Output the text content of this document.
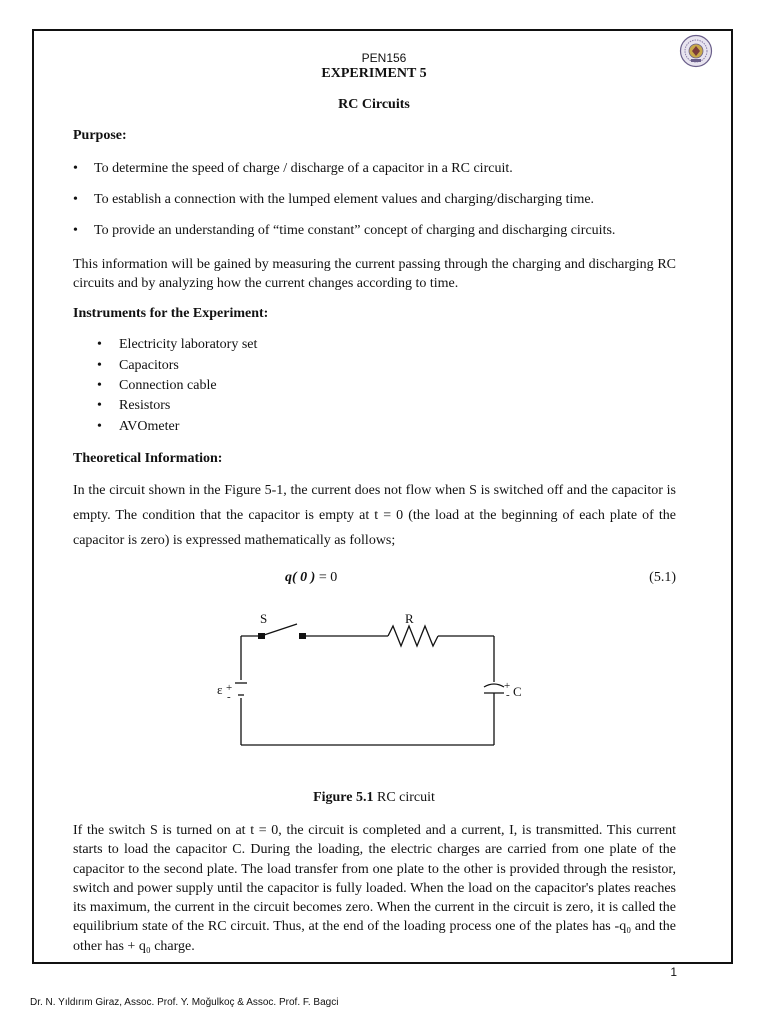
PEN156
EXPERIMENT 5
RC Circuits
Purpose:
• To determine the speed of charge / discharge of a capacitor in a RC circuit.
• To establish a connection with the lumped element values and charging/discharging time.
• To provide an understanding of “time constant” concept of charging and discharging circuits.
This information will be gained by measuring the current passing through the charging and discharging RC circuits and by analyzing how the current changes according to time.
Instruments for the Experiment:
• Electricity laboratory set
• Capacitors
• Connection cable
• Resistors
• AVOmeter
Theoretical Information:
In the circuit shown in the Figure 5-1, the current does not flow when S is switched off and the capacitor is empty. The condition that the capacitor is empty at t = 0 (the load at the beginning of each plate of the capacitor is zero) is expressed mathematically as follows;
q( 0 ) = 0	(5.1)
S	R
ε +
-
+
- C
Figure 5.1 RC circuit
If the switch S is turned on at t = 0, the circuit is completed and a current, I, is transmitted. This current starts to load the capacitor C. During the loading, the electric charges are carried from one plate of the capacitor to the second plate. The load transfer from one plate to the other is provided through the resistor, switch and power supply until the capacitor is fully loaded. When the load on the capacitor's plates reaches its maximum, the current in the circuit becomes zero. When the current in the circuit is zero, it is called the equilibrium state of the RC circuit. Thus, at the end of the loading process one of the plates has -q₀ and the other has + q₀ charge.
1
Dr. N. Yıldırım Giraz, Assoc. Prof. Y. Moğulkoç & Assoc. Prof. F. Bagci
